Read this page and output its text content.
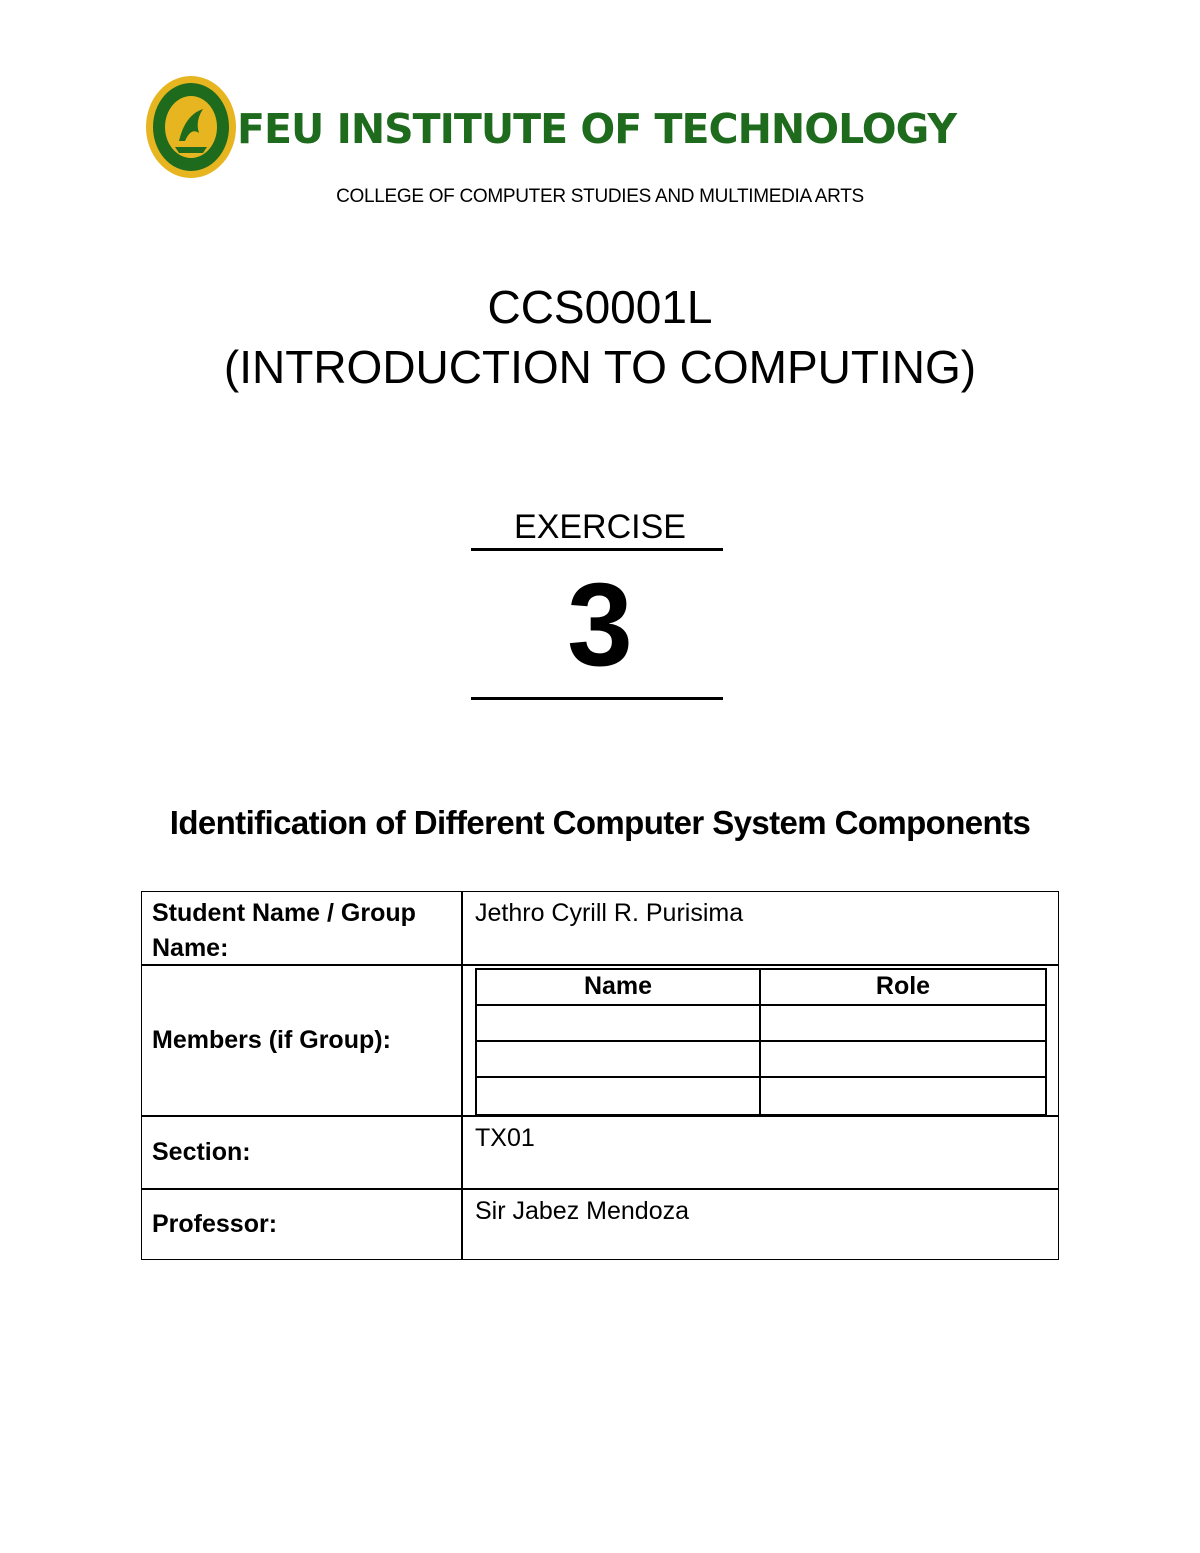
FEU INSTITUTE OF TECHNOLOGY
COLLEGE OF COMPUTER STUDIES AND MULTIMEDIA ARTS
CCS0001L
(INTRODUCTION TO COMPUTING)
EXERCISE
3
Identification of Different Computer System Components
Student Name / Group Name:
Jethro Cyrill R. Purisima
Members (if Group):
Name	Role
Section:	TX01
Professor:	Sir Jabez Mendoza
